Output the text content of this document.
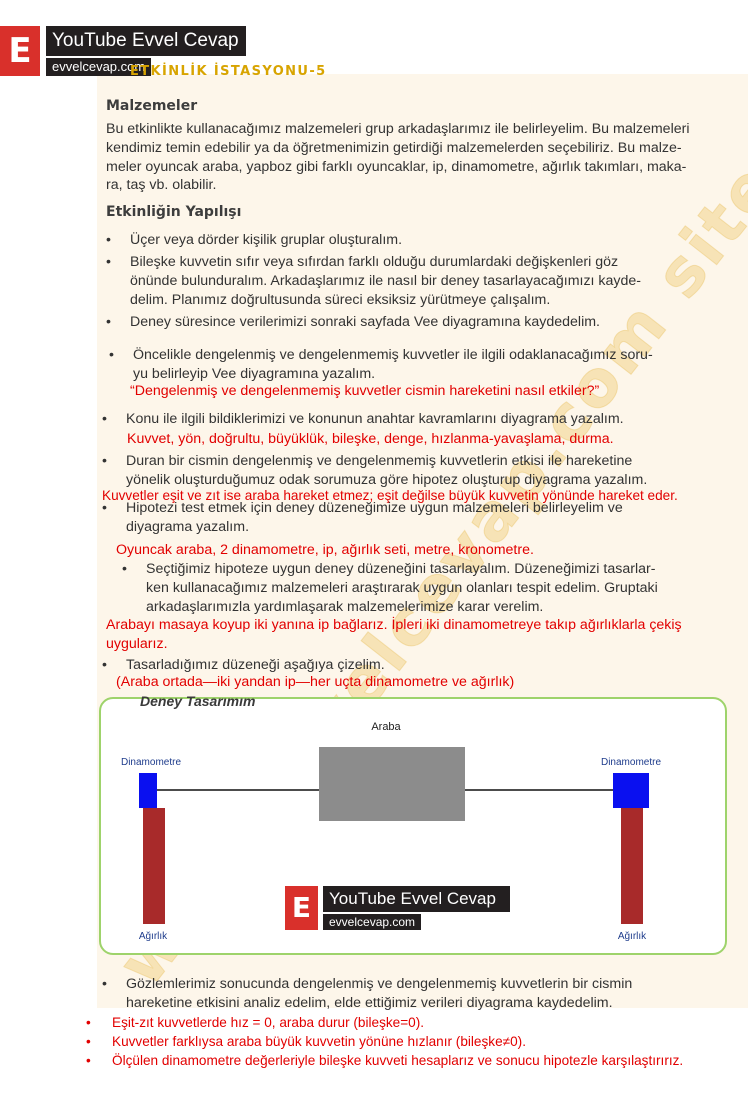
E	YouTube Evvel Cevap
evvelcevap.com
ETKİNLİK İSTASYONU-5
Malzemeler
Bu etkinlikte kullanacağımız malzemeleri grup arkadaşlarımız ile belirleyelim. Bu malzemeleri
kendimiz temin edebilir ya da öğretmenimizin getirdiği malzemelerden seçebiliriz. Bu malze-
meler oyuncak araba, yapboz gibi farklı oyuncaklar, ip, dinamometre, ağırlık takımları, maka-
ra, taş vb. olabilir.
Etkinliğin Yapılışı
• Üçer veya dörder kişilik gruplar oluşturalım.
• Bileşke kuvvetin sıfır veya sıfırdan farklı olduğu durumlardaki değişkenleri göz
önünde bulunduralım. Arkadaşlarımız ile nasıl bir deney tasarlayacağımızı kayde-
delim. Planımız doğrultusunda süreci eksiksiz yürütmeye çalışalım.
• Deney süresince verilerimizi sonraki sayfada Vee diyagramına kaydedelim.
• Öncelikle dengelenmiş ve dengelenmemiş kuvvetler ile ilgili odaklanacağımız soru-
yu belirleyip Vee diyagramına yazalım.
“Dengelenmiş ve dengelenmemiş kuvvetler cismin hareketini nasıl etkiler?”
• Konu ile ilgili bildiklerimizi ve konunun anahtar kavramlarını diyagrama yazalım.
Kuvvet, yön, doğrultu, büyüklük, bileşke, denge, hızlanma-yavaşlama, durma.
• Duran bir cismin dengelenmiş ve dengelenmemiş kuvvetlerin etkisi ile hareketine
yönelik oluşturduğumuz odak sorumuza göre hipotez oluşturup diyagrama yazalım.
Kuvvetler eşit ve zıt ise araba hareket etmez; eşit değilse büyük kuvvetin yönünde hareket eder.
• Hipotezi test etmek için deney düzeneğimize uygun malzemeleri belirleyelim ve
diyagrama yazalım.
Oyuncak araba, 2 dinamometre, ip, ağırlık seti, metre, kronometre.
• Seçtiğimiz hipoteze uygun deney düzeneğini tasarlayalım. Düzeneğimizi tasarlar-
ken kullanacağımız malzemeleri araştırarak uygun olanları tespit edelim. Gruptaki
arkadaşlarımızla yardımlaşarak malzemelerimize karar verelim.
Arabayı masaya koyup iki yanına ip bağlarız. İpleri iki dinamometreye takıp ağırlıklarla çekiş
uygularız.
• Tasarladığımız düzeneği aşağıya çizelim.
(Araba ortada—iki yandan ip—her uçta dinamometre ve ağırlık)
Deney Tasarımım
Araba
Dinamometre
Ağırlık
Dinamometre
Ağırlık
E	YouTube Evvel Cevap
evvelcevap.com
• Gözlemlerimiz sonucunda dengelenmiş ve dengelenmemiş kuvvetlerin bir cismin
hareketine etkisini analiz edelim, elde ettiğimiz verileri diyagrama kaydedelim.
• Eşit-zıt kuvvetlerde hız = 0, araba durur (bileşke=0).
• Kuvvetler farklıysa araba büyük kuvvetin yönüne hızlanır (bileşke≠0).
• Ölçülen dinamometre değerleriyle bileşke kuvveti hesaplarız ve sonucu hipotezle karşılaştırırız.
